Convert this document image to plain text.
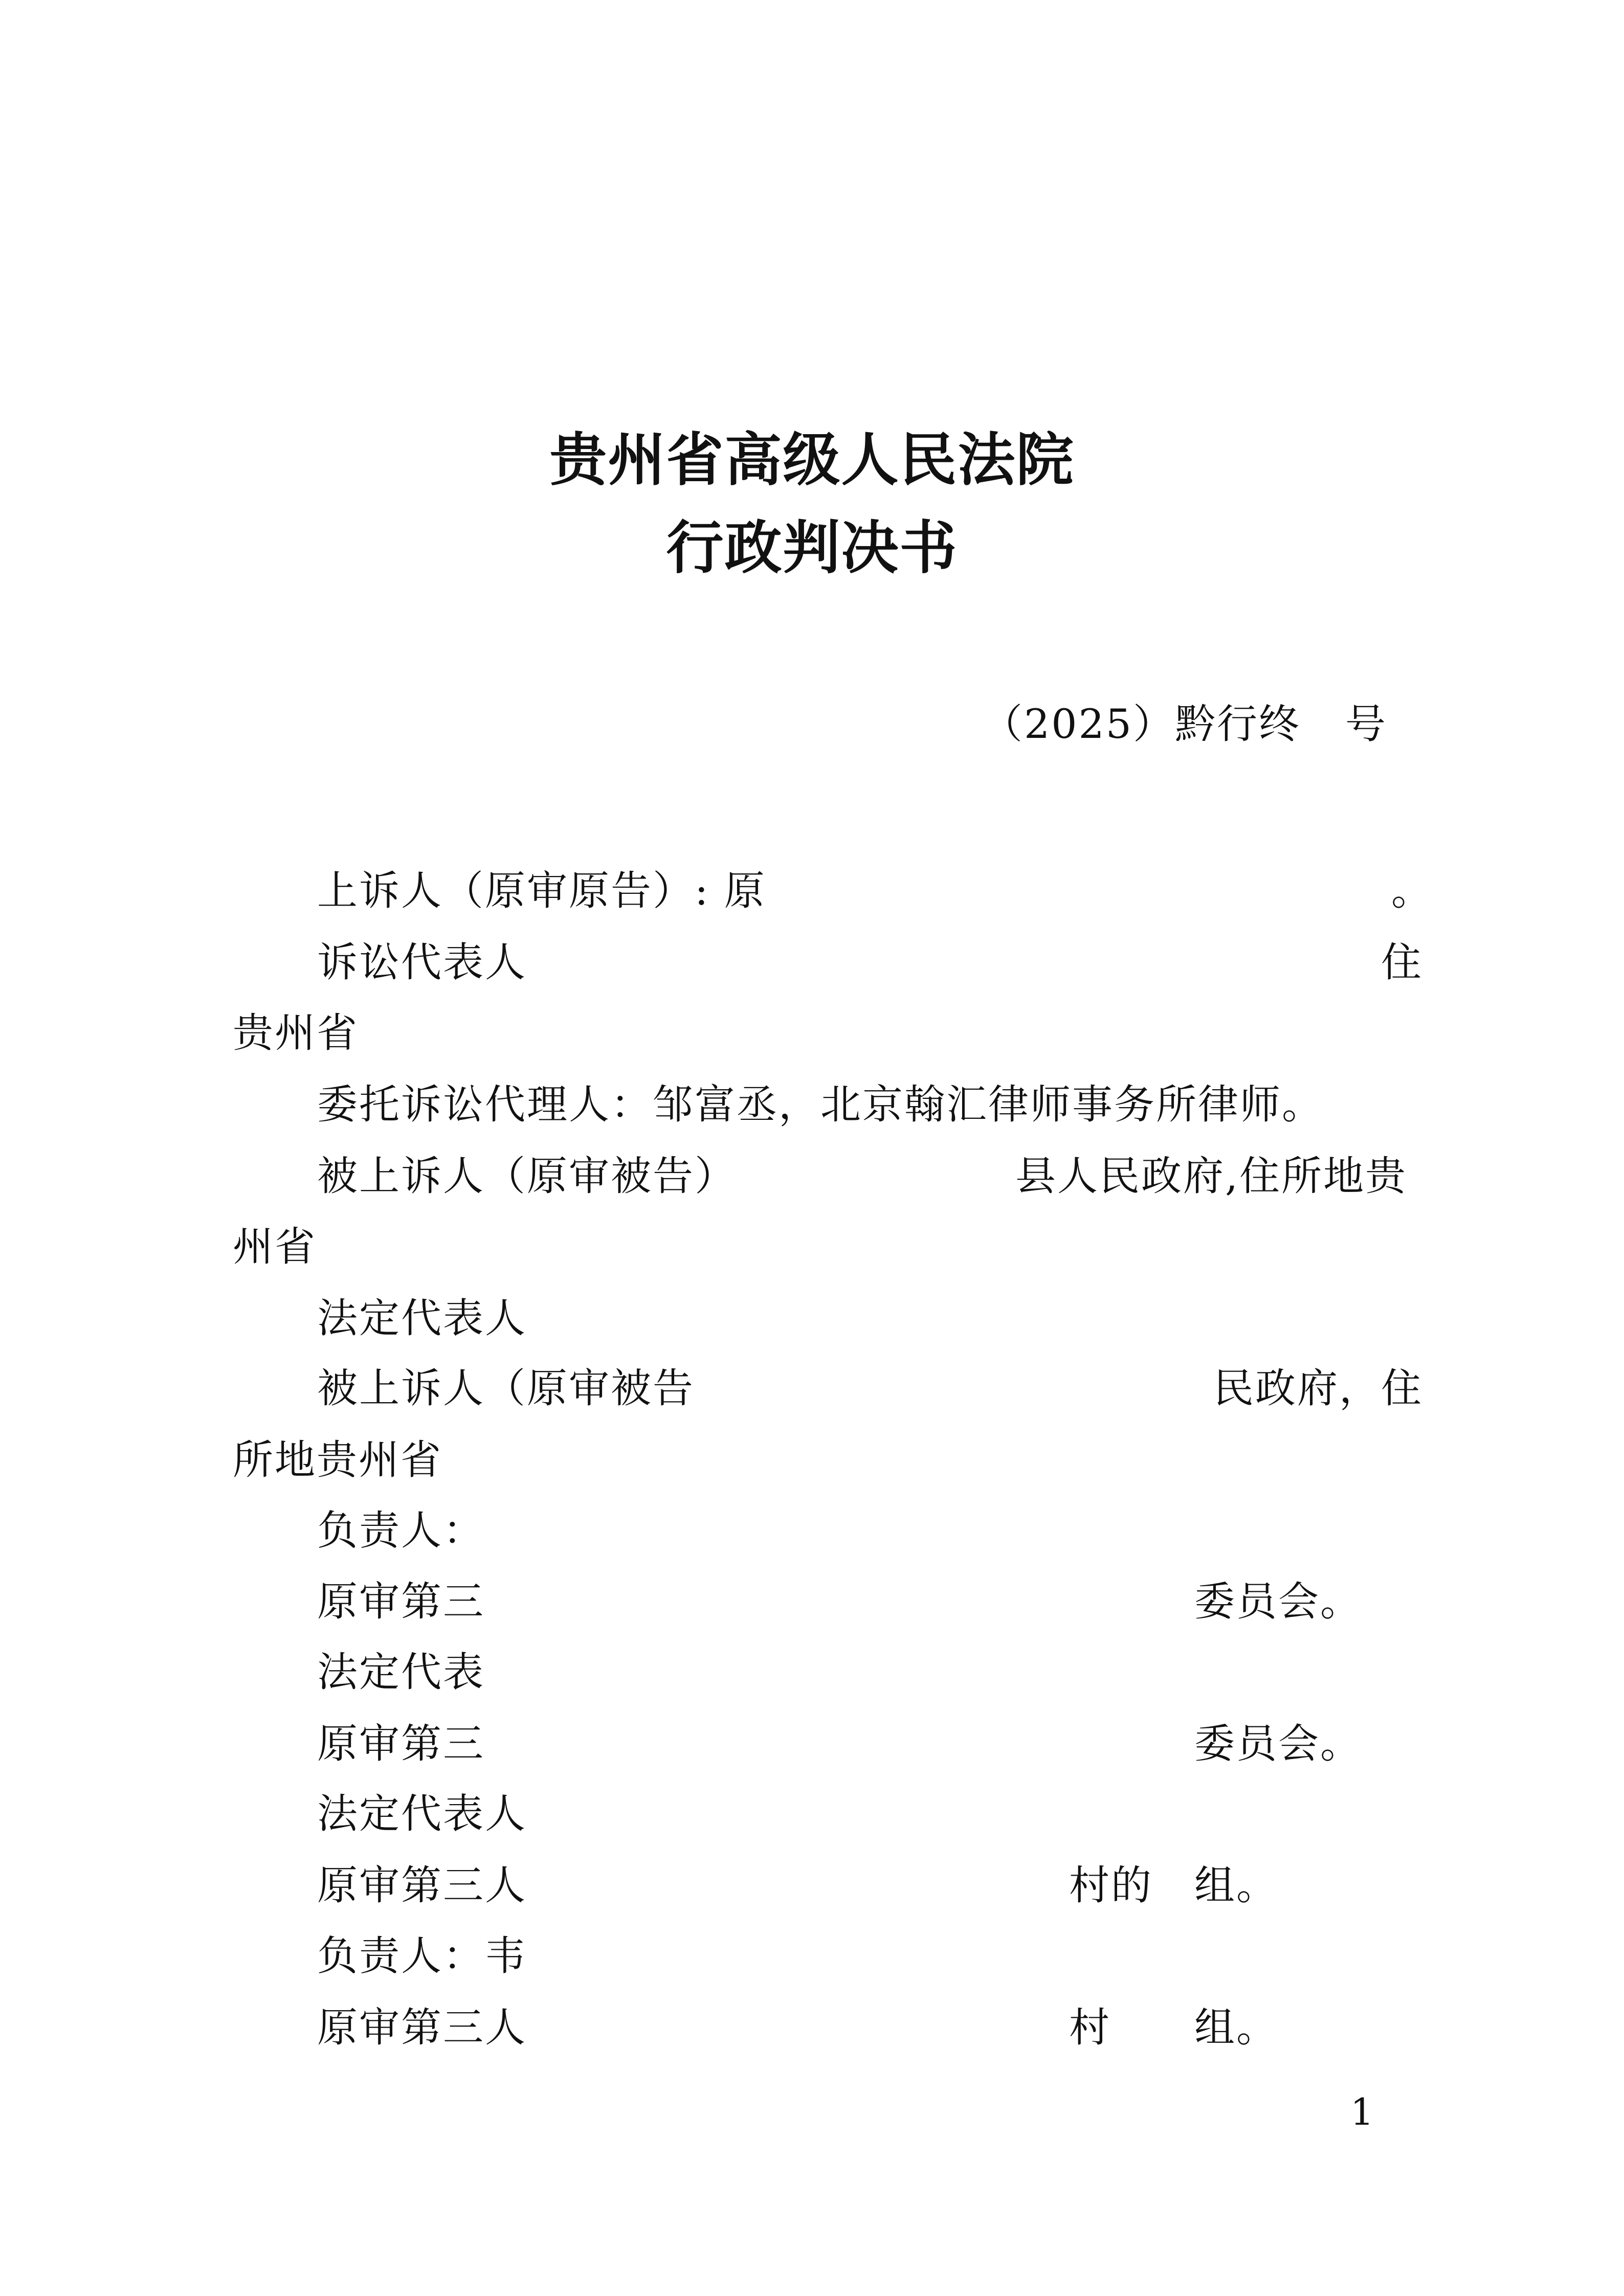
贵州省高级人民法院
行政判决书
（2025）黔行终 号
上诉人（原审原告）: 原	。
诉讼代表人	住
贵州省
委托诉讼代理人：邹富丞，北京翰汇律师事务所律师。
被上诉人（原审被告）	县人民政府,住所地贵
州省
法定代表人
被上诉人（原审被告	民政府，住
所地贵州省
负责人：
原审第三	委员会。
法定代表
原审第三	委员会。
法定代表人
原审第三人	村的 组。
负责人：韦
原审第三人	村 组。
1
